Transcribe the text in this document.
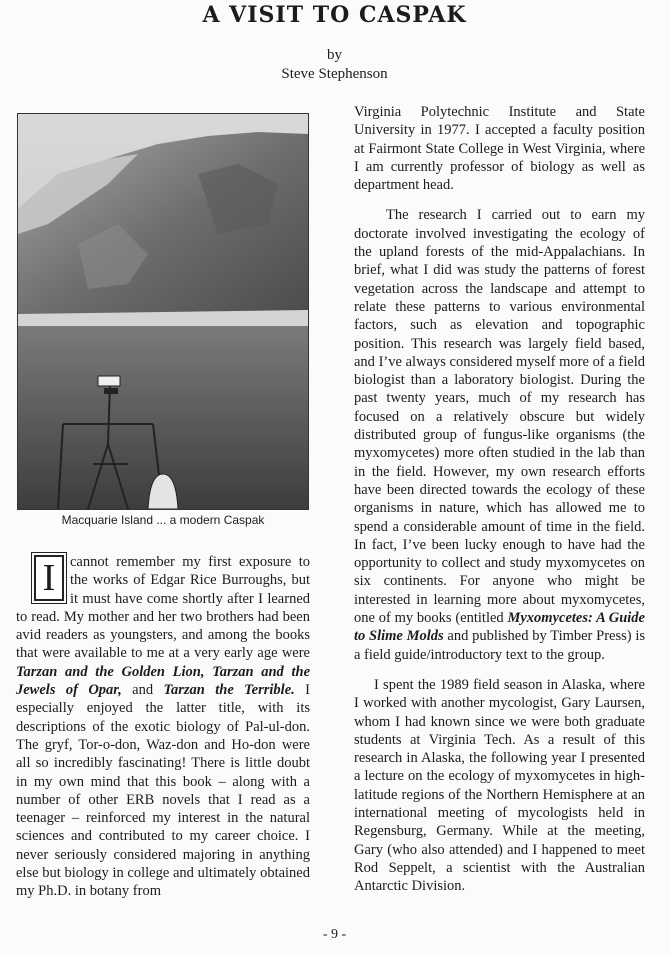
A VISIT TO CASPAK
by
Steve Stephenson
Macquarie Island ... a modern Caspak

I	cannot remember my first exposure to the works of Edgar Rice Burroughs, but it must have come shortly after I learned to read. My mother and her two brothers had been avid readers as youngsters, and among the books that were available to me at a very early age were Tarzan and the Golden Lion, Tarzan and the Jewels of Opar, and Tarzan the Terrible. I especially enjoyed the latter title, with its descriptions of the exotic biology of Pal-ul-don. The gryf, Tor-o-don, Waz-don and Ho-don were all so incredibly fascinating! There is little doubt in my own mind that this book – along with a number of other ERB novels that I read as a teenager – reinforced my interest in the natural sciences and contributed to my career choice. I never seriously considered majoring in anything else but biology in college and ultimately obtained my Ph.D. in botany from

Virginia Polytechnic Institute and State University in 1977. I accepted a faculty position at Fairmont State College in West Virginia, where I am currently professor of biology as well as department head.

The research I carried out to earn my doctorate involved investigating the ecology of the upland forests of the mid-Appalachians. In brief, what I did was study the patterns of forest vegetation across the landscape and attempt to relate these patterns to various environmental factors, such as elevation and topographic position. This research was largely field based, and I’ve always considered myself more of a field biologist than a laboratory biologist. During the past twenty years, much of my research has focused on a relatively obscure but widely distributed group of fungus-like organisms (the myxomycetes) more often studied in the lab than in the field. However, my own research efforts have been directed towards the ecology of these organisms in nature, which has allowed me to spend a considerable amount of time in the field. In fact, I’ve been lucky enough to have had the opportunity to collect and study myxomycetes on six continents. For anyone who might be interested in learning more about myxomycetes, one of my books (entitled Myxomycetes: A Guide to Slime Molds and published by Timber Press) is a field guide/introductory text to the group.

I spent the 1989 field season in Alaska, where I worked with another mycologist, Gary Laursen, whom I had known since we were both graduate students at Virginia Tech. As a result of this research in Alaska, the following year I presented a lecture on the ecology of myxomycetes in high-latitude regions of the Northern Hemisphere at an international meeting of mycologists held in Regensburg, Germany. While at the meeting, Gary (who also attended) and I happened to meet Rod Seppelt, a scientist with the Australian Antarctic Division.

- 9 -
